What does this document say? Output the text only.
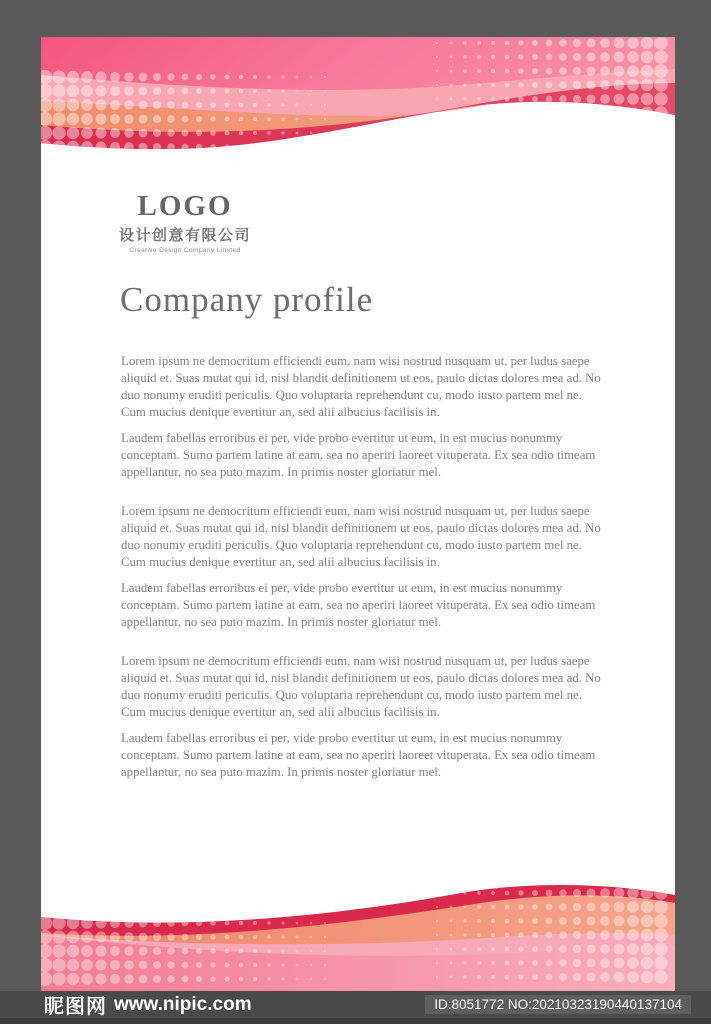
LOGO
设计创意有限公司
Creative Design Company Limited
Company profile

Lorem ipsum ne democritum efficiendi eum, nam wisi nostrud nusquam ut, per ludus saepe aliquid et. Suas mutat qui id, nisl blandit definitionem ut eos, paulo dictas dolores mea ad. No duo nonumy eruditi periculis. Quo voluptaria reprehendunt cu, modo iusto partem mel ne. Cum mucius denique evertitur an, sed alii albucius facilisis in.

Laudem fabellas erroribus ei per, vide probo evertitur ut eum, in est mucius nonummy conceptam. Sumo partem latine at eam, sea no aperiri laoreet vituperata. Ex sea odio timeam appellantur, no sea puto mazim. In primis noster gloriatur mel.

Lorem ipsum ne democritum efficiendi eum, nam wisi nostrud nusquam ut, per ludus saepe aliquid et. Suas mutat qui id, nisl blandit definitionem ut eos, paulo dictas dolores mea ad. No duo nonumy eruditi periculis. Quo voluptaria reprehendunt cu, modo iusto partem mel ne. Cum mucius denique evertitur an, sed alii albucius facilisis in.

Laudem fabellas erroribus ei per, vide probo evertitur ut eum, in est mucius nonummy conceptam. Sumo partem latine at eam, sea no aperiri laoreet vituperata. Ex sea odio timeam appellantur, no sea puto mazim. In primis noster gloriatur mel.

Lorem ipsum ne democritum efficiendi eum, nam wisi nostrud nusquam ut, per ludus saepe aliquid et. Suas mutat qui id, nisl blandit definitionem ut eos, paulo dictas dolores mea ad. No duo nonumy eruditi periculis. Quo voluptaria reprehendunt cu, modo iusto partem mel ne. Cum mucius denique evertitur an, sed alii albucius facilisis in.

Laudem fabellas erroribus ei per, vide probo evertitur ut eum, in est mucius nonummy conceptam. Sumo partem latine at eam, sea no aperiri laoreet vituperata. Ex sea odio timeam appellantur, no sea puto mazim. In primis noster gloriatur mel.

昵图网 www.nipic.com	ID:8051772 NO:20210323190440137104
